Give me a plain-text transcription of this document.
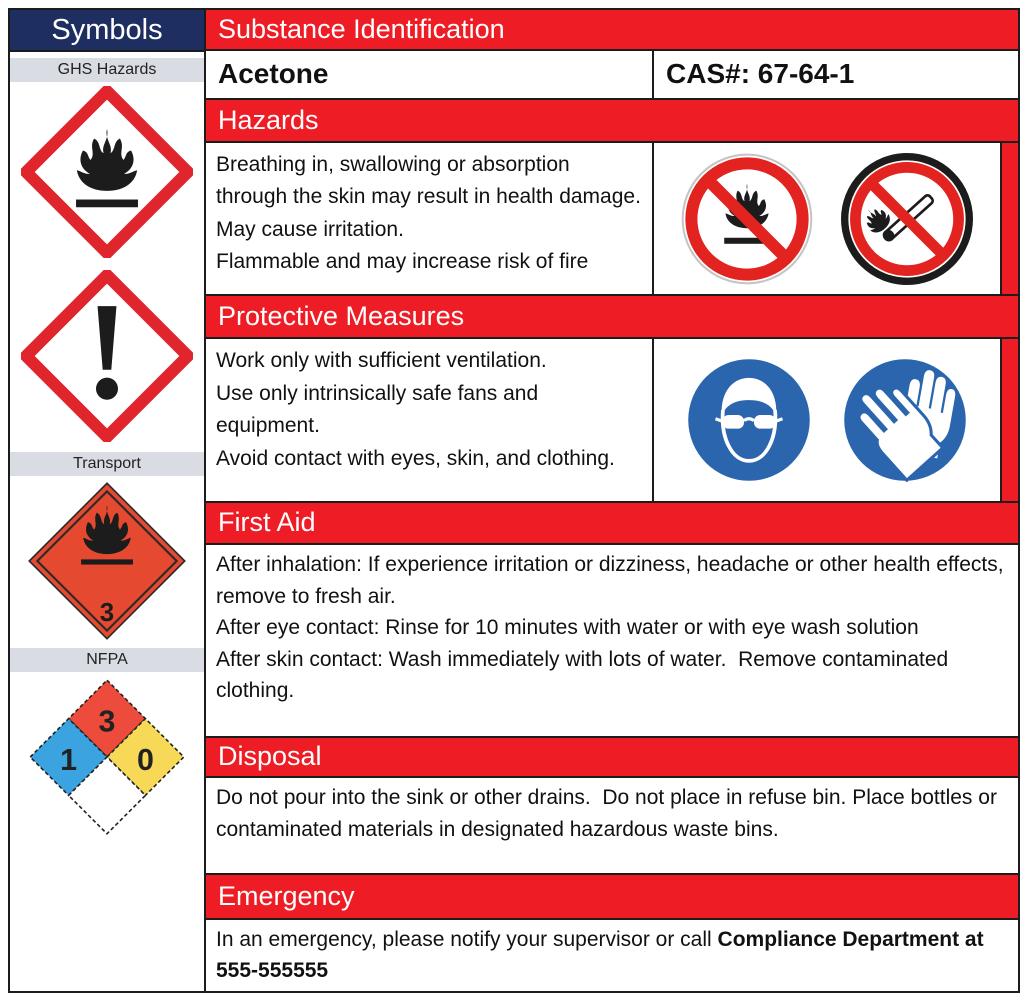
Symbols
GHS Hazards
Transport
3
NFPA
3
1	0
Substance Identification
Acetone	CAS#: 67-64-1
Hazards
Breathing in, swallowing or absorption through the skin may result in health damage.  May cause irritation.
Flammable and may increase risk of fire
Protective Measures
Work only with sufficient ventilation.
Use only intrinsically safe fans and equipment.
Avoid contact with eyes, skin, and clothing.
First Aid
After inhalation: If experience irritation or dizziness, headache or other health effects, remove to fresh air.
After eye contact: Rinse for 10 minutes with water or with eye wash solution
After skin contact: Wash immediately with lots of water.  Remove contaminated clothing.
Disposal
Do not pour into the sink or other drains.  Do not place in refuse bin. Place bottles or contaminated materials in designated hazardous waste bins.
Emergency
In an emergency, please notify your supervisor or call Compliance Department at 555-555555
